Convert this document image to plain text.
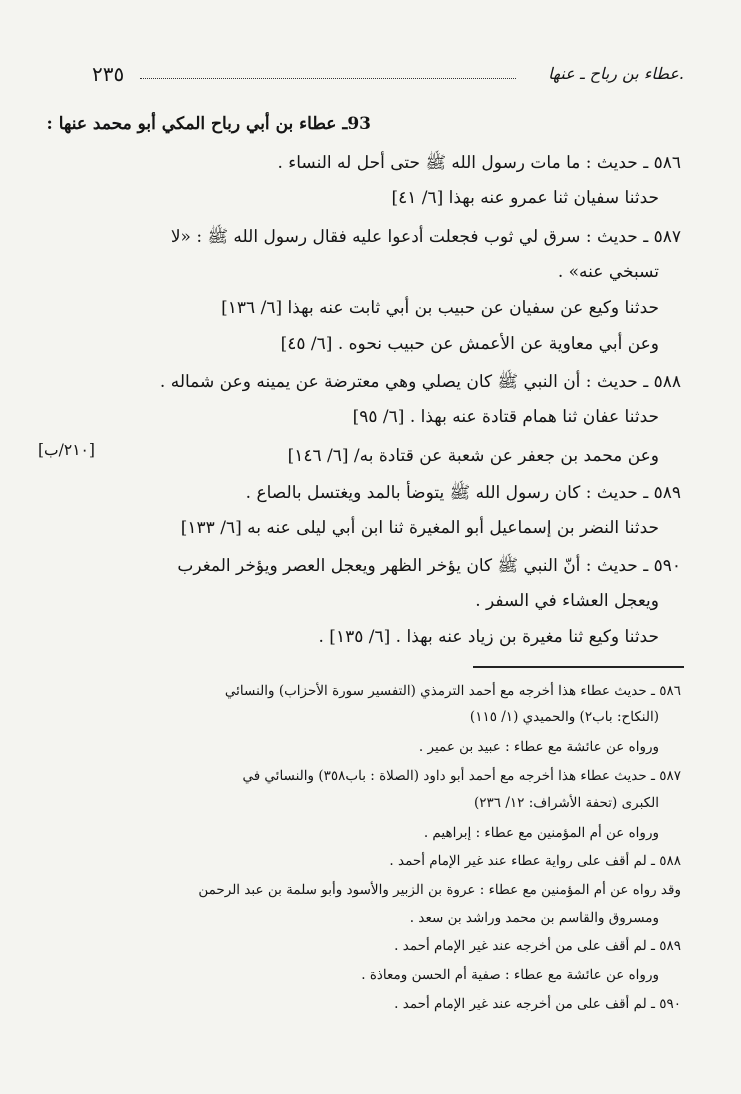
٢٣٥	عطاء بن رباح ـ عنها.
93ـ عطاء بن أبي رباح المكي أبو محمد عنها :
٥٨٦ ـ حديث : ما مات رسول الله ﷺ حتى أحل له النساء .
حدثنا سفيان ثنا عمرو عنه بهذا [٦/ ٤١]
٥٨٧ ـ حديث : سرق لي ثوب فجعلت أدعوا عليه فقال رسول الله ﷺ : «لا
تسبخي عنه» .
حدثنا وكيع عن سفيان عن حبيب بن أبي ثابت عنه بهذا [٦/ ١٣٦]
وعن أبي معاوية عن الأعمش عن حبيب نحوه . [٦/ ٤٥]
٥٨٨ ـ حديث : أن النبي ﷺ كان يصلي وهي معترضة عن يمينه وعن شماله .
حدثنا عفان ثنا همام قتادة عنه بهذا . [٦/ ٩٥]
وعن محمد بن جعفر عن شعبة عن قتادة به/ [٦/ ١٤٦]
[٢١٠/ب]
٥٨٩ ـ حديث : كان رسول الله ﷺ يتوضأ بالمد ويغتسل بالصاع .
حدثنا النضر بن إسماعيل أبو المغيرة ثنا ابن أبي ليلى عنه به [٦/ ١٣٣]
٥٩٠ ـ حديث : أنّ النبي ﷺ كان يؤخر الظهر ويعجل العصر ويؤخر المغرب
ويعجل العشاء في السفر .
حدثنا وكيع ثنا مغيرة بن زياد عنه بهذا . [٦/ ١٣٥] .
٥٨٦ ـ حديث عطاء هذا أخرجه مع أحمد الترمذي (التفسير سورة الأحزاب) والنسائي
(النكاح: باب٢) والحميدي (١/ ١١٥)
ورواه عن عائشة مع عطاء : عبيد بن عمير .
٥٨٧ ـ حديث عطاء هذا أخرجه مع أحمد أبو داود (الصلاة : باب٣٥٨) والنسائي في
الكبرى (تحفة الأشراف: ١٢/ ٢٣٦)
ورواه عن أم المؤمنين مع عطاء : إبراهيم .
٥٨٨ ـ لم أقف على رواية عطاء عند غير الإمام أحمد .
وقد رواه عن أم المؤمنين مع عطاء : عروة بن الزبير والأسود وأبو سلمة بن عبد الرحمن
ومسروق والقاسم بن محمد وراشد بن سعد .
٥٨٩ ـ لم أقف على من أخرجه عند غير الإمام أحمد .
ورواه عن عائشة مع عطاء : صفية أم الحسن ومعاذة .
٥٩٠ ـ لم أقف على من أخرجه عند غير الإمام أحمد .
